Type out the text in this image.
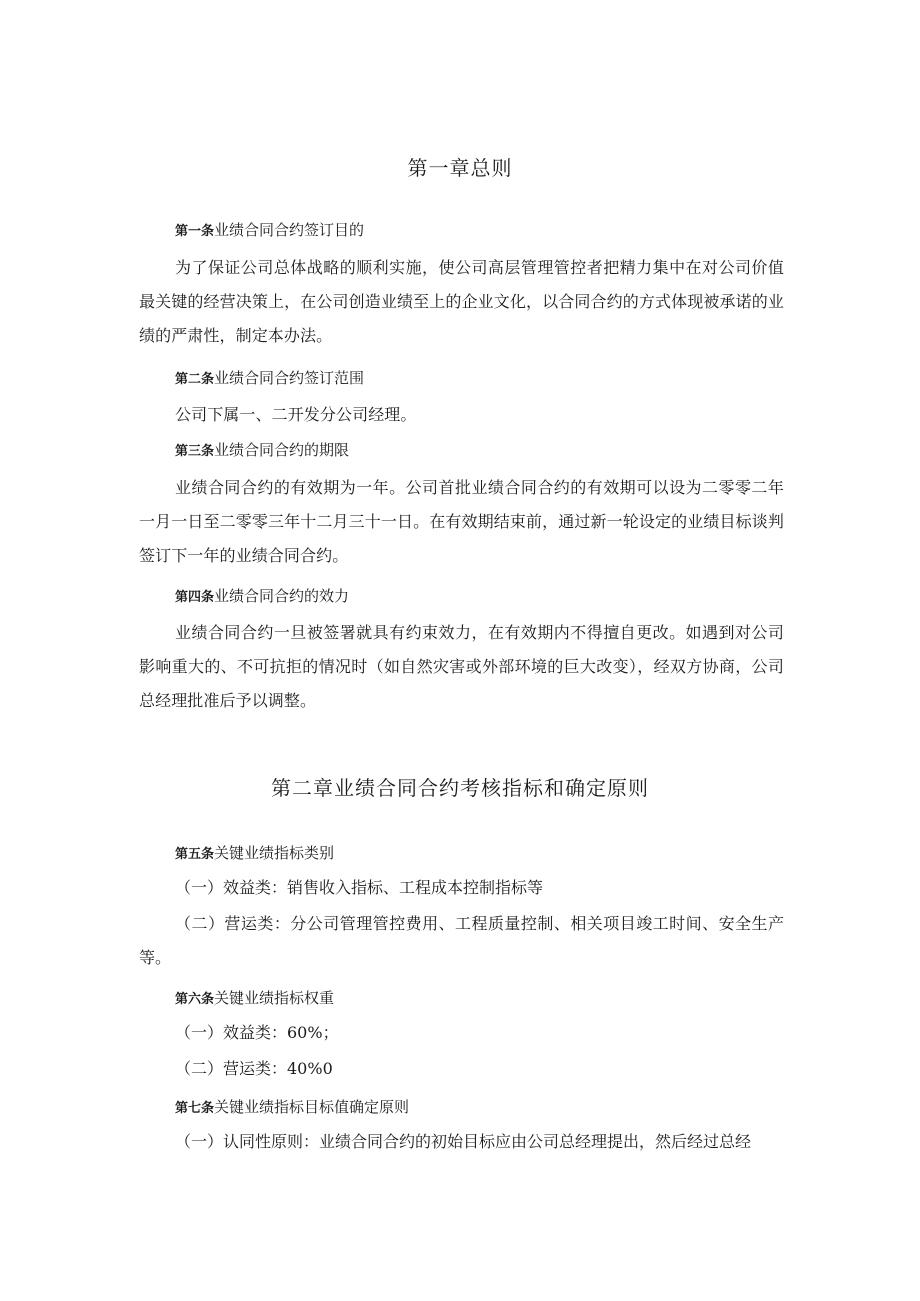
第一章总则
第一条业绩合同合约签订目的

为了保证公司总体战略的顺利实施，使公司高层管理管控者把精力集中在对公司价值最关键的经营决策上，在公司创造业绩至上的企业文化，以合同合约的方式体现被承诺的业绩的严肃性，制定本办法。

第二条业绩合同合约签订范围

公司下属一、二开发分公司经理。

第三条业绩合同合约的期限

业绩合同合约的有效期为一年。公司首批业绩合同合约的有效期可以设为二零零二年一月一日至二零零三年十二月三十一日。在有效期结束前，通过新一轮设定的业绩目标谈判签订下一年的业绩合同合约。

第四条业绩合同合约的效力

业绩合同合约一旦被签署就具有约束效力，在有效期内不得擅自更改。如遇到对公司影响重大的、不可抗拒的情况时（如自然灾害或外部环境的巨大改变），经双方协商，公司总经理批准后予以调整。

第二章业绩合同合约考核指标和确定原则
第五条关键业绩指标类别

（一）效益类：销售收入指标、工程成本控制指标等

（二）营运类：分公司管理管控费用、工程质量控制、相关项目竣工时间、安全生产等。

第六条关键业绩指标权重

（一）效益类：60%；

（二）营运类：40%0

第七条关键业绩指标目标值确定原则

（一）认同性原则：业绩合同合约的初始目标应由公司总经理提出，然后经过总经
